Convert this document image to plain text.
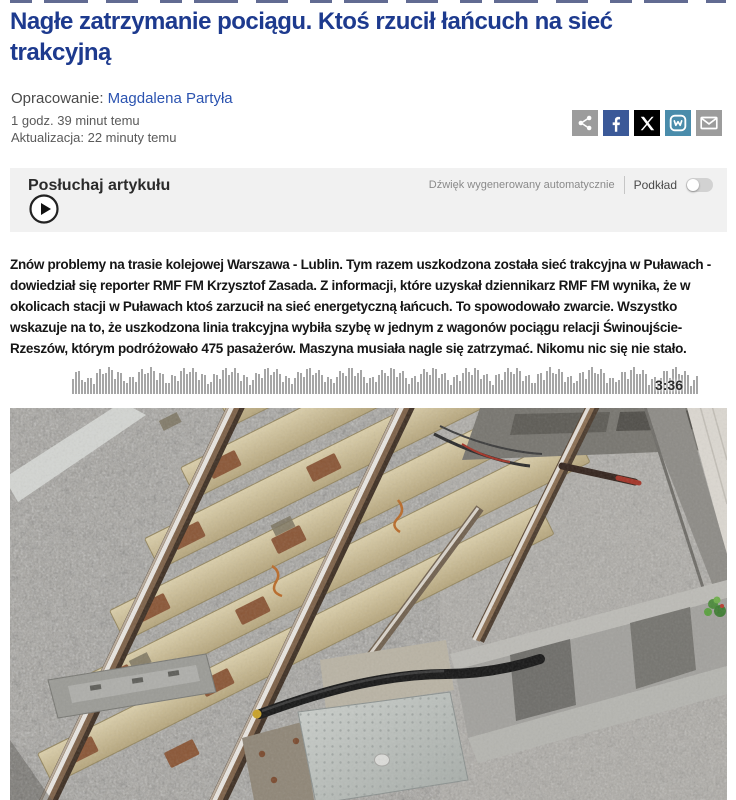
Nagłe zatrzymanie pociągu. Ktoś rzucił łańcuch na sieć trakcyjną
Opracowanie: Magdalena Partyła
1 godz. 39 minut temu
Aktualizacja: 22 minuty temu
Posłuchaj artykułu	Dźwięk wygenerowany automatycznie Podkład
3:36

Znów problemy na trasie kolejowej Warszawa - Lublin. Tym razem uszkodzona została sieć trakcyjna w Puławach - dowiedział się reporter RMF FM Krzysztof Zasada. Z informacji, które uzyskał dziennikarz RMF FM wynika, że w okolicach stacji w Puławach ktoś zarzucił na sieć energetyczną łańcuch. To spowodowało zwarcie. Wszystko wskazuje na to, że uszkodzona linia trakcyjna wybiła szybę w jednym z wagonów pociągu relacji Świnoujście-Rzeszów, którym podróżowało 475 pasażerów. Maszyna musiała nagle się zatrzymać. Nikomu nic się nie stało.
